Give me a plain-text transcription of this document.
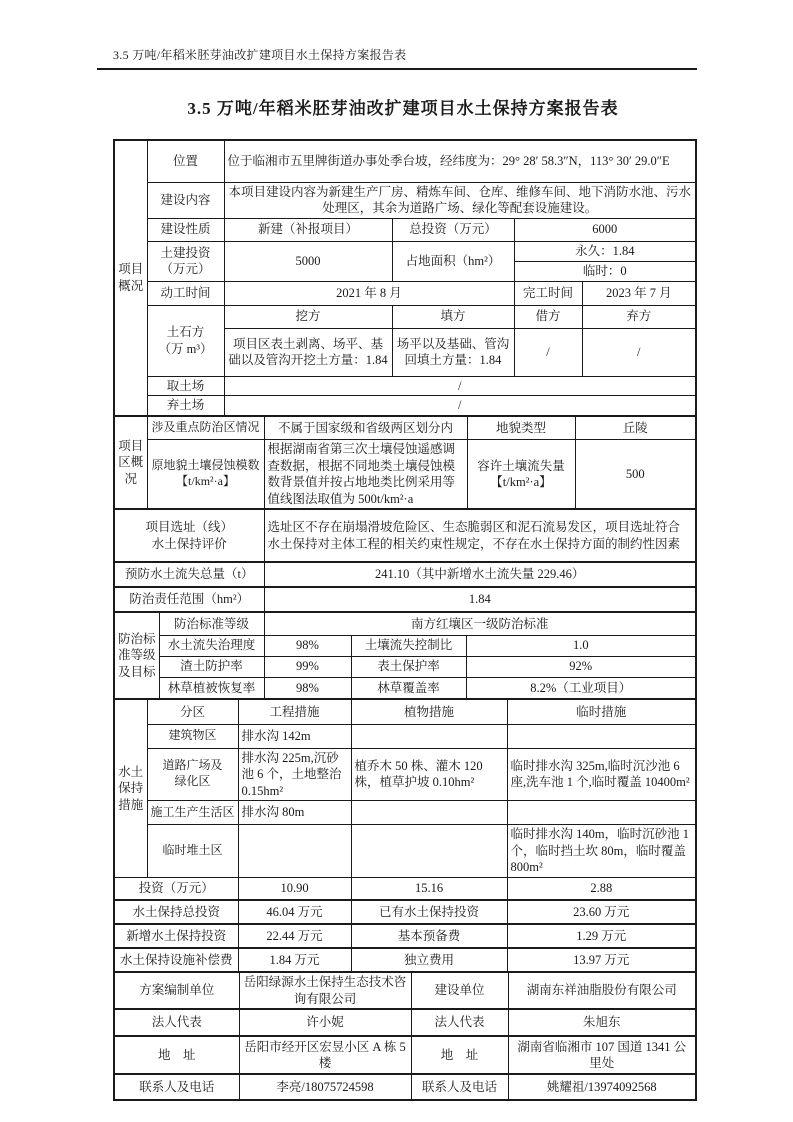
3.5 万吨/年稻米胚芽油改扩建项目水土保持方案报告表
3.5 万吨/年稻米胚芽油改扩建项目水土保持方案报告表
项目
概况	位置	位于临湘市五里牌街道办事处季台坡，经纬度为：29° 28′ 58.3″N，113° 30′ 29.0″E			
	建设内容	本项目建设内容为新建生产厂房、精炼车间、仓库、维修车间、地下消防水池、污水处理区，其余为道路广场、绿化等配套设施建设。			
	建设性质	新建（补报项目）	总投资（万元）	6000	
	土建投资
（万元）	5000	占地面积（hm²）	永久：1.84	
				临时：0	
	动工时间	2021 年 8 月		完工时间	2023 年 7 月
	土石方
（万 m³）	挖方	填方	借方	弃方
		项目区表土剥离、场平、基础以及管沟开挖土方量：1.84	场平以及基础、管沟回填土方量：1.84	/	/
	取土场	/			
	弃土场	/			
项目
区概
况	涉及重点防治区情况	不属于国家级和省级两区划分内	地貌类型	丘陵
	原地貌土壤侵蚀模数
【t/km²·a】	根据湖南省第三次土壤侵蚀遥感调查数据，根据不同地类土壤侵蚀模数背景值并按占地地类比例采用等值线图法取值为 500t/km²·a	容许土壤流失量
【t/km²·a】	500
项目选址（线）
水土保持评价	选址区不存在崩塌滑坡危险区、生态脆弱区和泥石流易发区，项目选址符合水土保持对主体工程的相关约束性规定，不存在水土保持方面的制约性因素
预防水土流失总量（t）	241.10（其中新增水土流失量 229.46）
防治责任范围（hm²）	1.84
防治标
准等级
及目标	防治标准等级	南方红壤区一级防治标准		
	水土流失治理度	98%	土壤流失控制比	1.0
	渣土防护率	99%	表土保护率	92%
	林草植被恢复率	98%	林草覆盖率	8.2%（工业项目）
水土
保持
措施	分区	工程措施	植物措施	临时措施
	建筑物区	排水沟 142m		
	道路广场及
绿化区	排水沟 225m,沉砂池 6 个，土地整治 0.15hm²	植乔木 50 株、灌木 120 株，植草护坡 0.10hm²	临时排水沟 325m,临时沉沙池 6 座,洗车池 1 个,临时覆盖 10400m²
	施工生产生活区	排水沟 80m		
	临时堆土区			临时排水沟 140m，临时沉砂池 1 个，临时挡土坎 80m，临时覆盖 800m²
投资（万元）		10.90	15.16	2.88
水土保持总投资	46.04 万元	已有水土保持投资	23.60 万元
新增水土保持投资	22.44 万元	基本预备费	1.29 万元
水土保持设施补偿费	1.84 万元	独立费用	13.97 万元
方案编制单位	岳阳绿源水土保持生态技术咨询有限公司	建设单位	湖南东祥油脂股份有限公司
法人代表	许小妮	法人代表	朱旭东
地　址	岳阳市经开区宏昱小区 A 栋 5 楼	地　址	湖南省临湘市 107 国道 1341 公里处
联系人及电话	李亮/18075724598	联系人及电话	姚耀祖/13974092568
